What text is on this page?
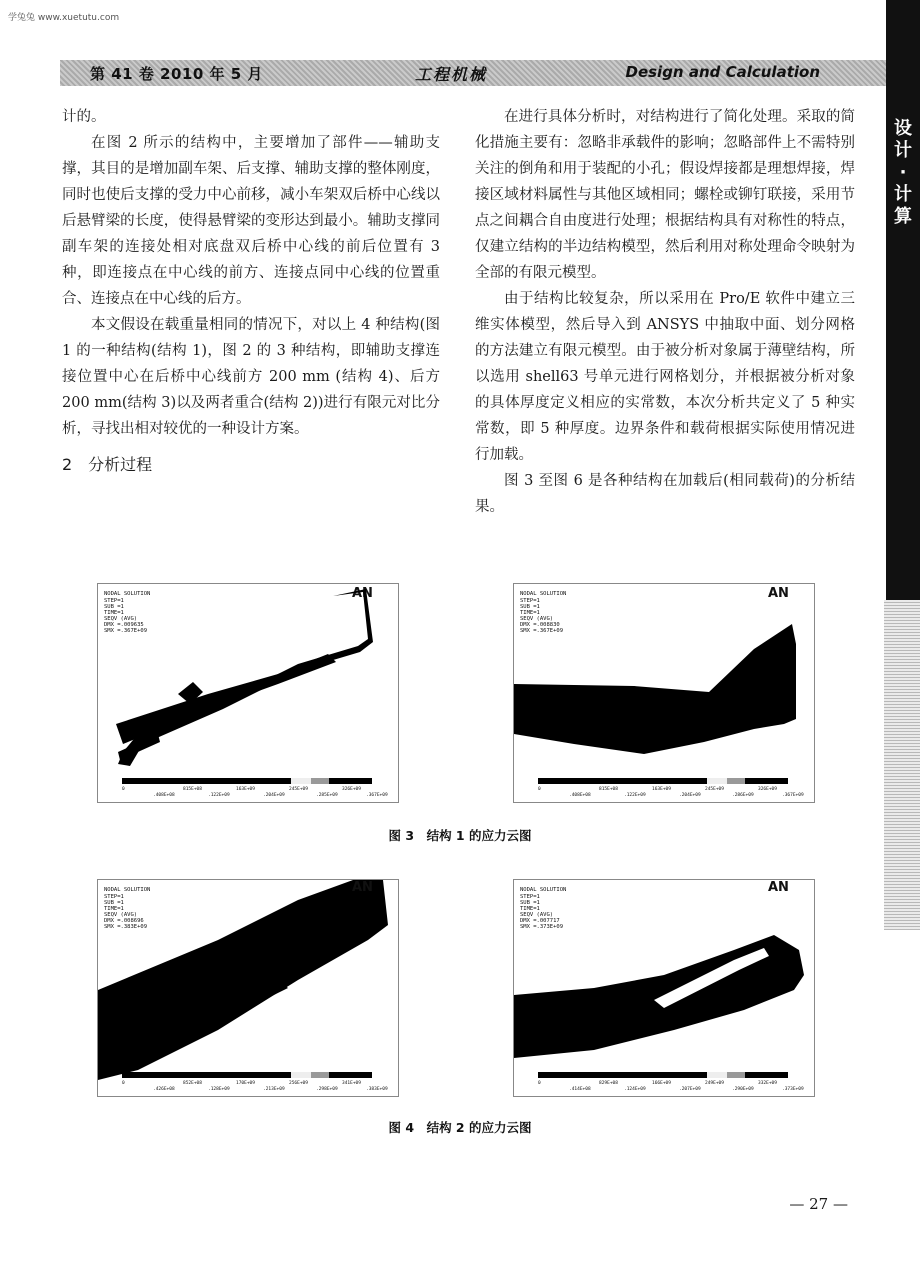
学兔兔 www.xuetutu.com
第 41 卷 2010 年 5 月	工程机械	Design and Calculation
设
计
·
计
算

计的。

在图 2 所示的结构中，主要增加了部件——辅助支撑，其目的是增加副车架、后支撑、辅助支撑的整体刚度，同时也使后支撑的受力中心前移，减小车架双后桥中心线以后悬臂梁的长度，使得悬臂梁的变形达到最小。辅助支撑同副车架的连接处相对底盘双后桥中心线的前后位置有 3 种，即连接点在中心线的前方、连接点同中心线的位置重合、连接点在中心线的后方。

本文假设在载重量相同的情况下，对以上 4 种结构(图 1 的一种结构(结构 1)，图 2 的 3 种结构，即辅助支撑连接位置中心在后桥中心线前方 200 mm (结构 4)、后方 200 mm(结构 3)以及两者重合(结构 2))进行有限元对比分析，寻找出相对较优的一种设计方案。

2　分析过程

在进行具体分析时，对结构进行了简化处理。采取的简化措施主要有：忽略非承载件的影响；忽略部件上不需特别关注的倒角和用于装配的小孔；假设焊接都是理想焊接，焊接区域材料属性与其他区域相同；螺栓或铆钉联接，采用节点之间耦合自由度进行处理；根据结构具有对称性的特点，仅建立结构的半边结构模型，然后利用对称处理命令映射为全部的有限元模型。

由于结构比较复杂，所以采用在 Pro/E 软件中建立三维实体模型，然后导入到 ANSYS 中抽取中面、划分网格的方法建立有限元模型。由于被分析对象属于薄壁结构，所以选用 shell63 号单元进行网格划分，并根据被分析对象的具体厚度定义相应的实常数，本次分析共定义了 5 种实常数，即 5 种厚度。边界条件和载荷根据实际使用情况进行加载。

图 3 至图 6 是各种结构在加载后(相同载荷)的分析结果。

AN
NODAL SOLUTION
STEP=1
SUB =1
TIME=1
SEQV (AVG)
DMX =.009635
SMX =.367E+09
0	815E+08	163E+09	245E+09	326E+09
.408E+08	.122E+09	.204E+09	.285E+09	.367E+09
AN
NODAL SOLUTION
STEP=1
SUB =1
TIME=1
SEQV (AVG)
DMX =.008830
SMX =.367E+09
0	815E+08	163E+09	245E+09	326E+09
.408E+08	.122E+09	.204E+09	.286E+09	.367E+09
图 3　结构 1 的应力云图
AN
NODAL SOLUTION
STEP=1
SUB =1
TIME=1
SEQV (AVG)
DMX =.008696
SMX =.383E+09
0	852E+08	170E+09	256E+09	341E+09
.426E+08	.128E+09	.213E+09	.298E+09	.383E+09
AN
NODAL SOLUTION
STEP=1
SUB =1
TIME=1
SEQV (AVG)
DMX =.007717
SMX =.373E+09
0	829E+08	166E+09	249E+09	332E+09
.414E+08	.124E+09	.207E+09	.290E+09	.373E+09
图 4　结构 2 的应力云图
— 27 —
